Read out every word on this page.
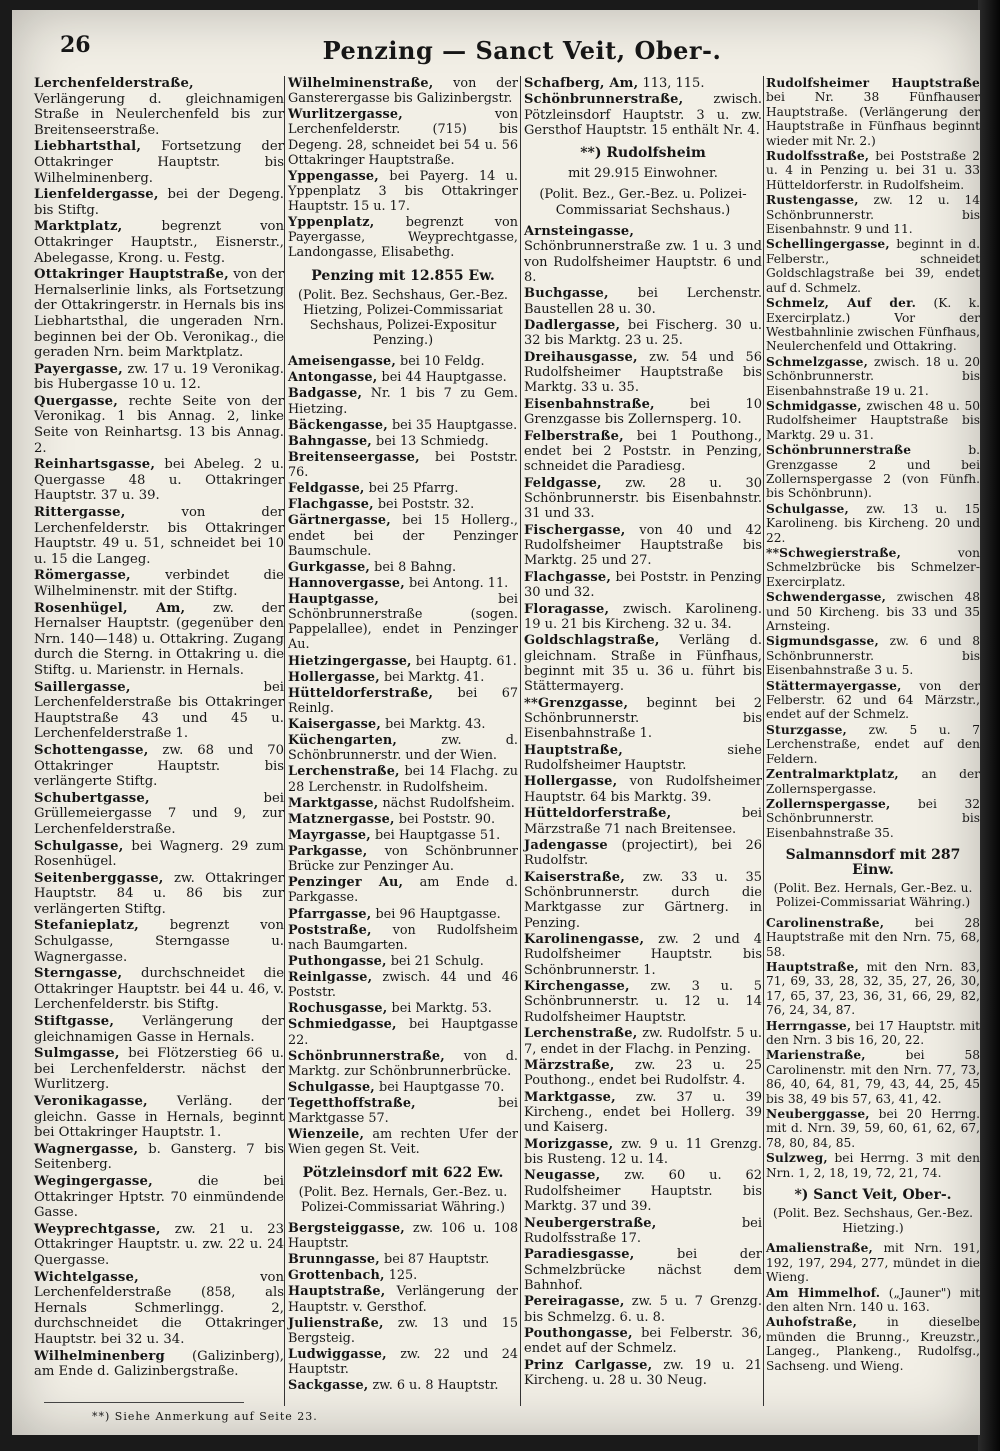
26	Penzing — Sanct Veit, Ober-.
Lerchenfelderstraße, Verlängerung d. gleichnamigen Straße in Neulerchenfeld bis zur Breitenseerstraße.
Liebhartsthal, Fortsetzung der Ottakringer Hauptstr. bis Wilhelminenberg.
Lienfeldergasse, bei der Degeng. bis Stiftg.
Marktplatz,	begrenzt von Ottakringer Hauptstr., Eisnerstr., Abelegasse, Krong. u. Festg.
Ottakringer Hauptstraße, von der Hernalserlinie links, als Fortsetzung der Ottakringerstr. in Hernals bis ins Liebhartsthal, die ungeraden Nrn. beginnen bei der Ob. Veronikag., die geraden Nrn. beim Marktplatz.
Payergasse, zw. 17 u. 19 Veronikag. bis Hubergasse 10 u. 12.
Quergasse, rechte Seite von der Veronikag. 1 bis Annag. 2, linke Seite von Reinhartsg. 13 bis Annag. 2.
Reinhartsgasse, bei Abeleg. 2 u. Quergasse 48 u. Ottakringer Hauptstr. 37 u. 39.
Rittergasse,	von der Lerchenfelderstr. bis Ottakringer Hauptstr. 49 u. 51, schneidet bei 10 u. 15 die Langeg.
Römergasse,	verbindet die Wilhelminenstr. mit der Stiftg.
Rosenhügel, Am, zw. der Hernalser Hauptstr. (gegenüber den Nrn. 140—148) u. Ottakring. Zugang durch die Sterng. in Ottakring u. die Stiftg. u. Marienstr. in Hernals.
Saillergasse,	bei Lerchenfelderstraße bis Ottakringer Hauptstraße 43 und 45 u. Lerchenfelderstraße 1.
Schottengasse, zw. 68 und 70 Ottakringer Hauptstr. bis verlängerte Stiftg.
Schubertgasse,	bei Grüllemeiergasse 7 und 9, zur Lerchenfelderstraße.
Schulgasse, bei Wagnerg. 29 zum Rosenhügel.
Seitenberggasse, zw. Ottakringer Hauptstr. 84 u. 86 bis zur verlängerten Stiftg.
Stefanieplatz, begrenzt von Schulgasse, Sterngasse u. Wagnergasse.
Sterngasse, durchschneidet die Ottakringer Hauptstr. bei 44 u. 46, v. Lerchenfelderstr. bis Stiftg.
Stiftgasse, Verlängerung der gleichnamigen Gasse in Hernals.
Sulmgasse, bei Flötzerstieg 66 u. bei Lerchenfelderstr. nächst der Wurlitzerg.
Veronikagasse, Verläng. der gleichn. Gasse in Hernals, beginnt bei Ottakringer Hauptstr. 1.
Wagnergasse, b. Gansterg. 7 bis Seitenberg.
Wegingergasse,	die bei Ottakringer Hptstr. 70 einmündende Gasse.
Weyprechtgasse, zw. 21 u. 23 Ottakringer Hauptstr. u. zw. 22 u. 24 Quergasse.
Wichtelgasse,	von Lerchenfelderstraße (858, als Hernals Schmerlingg. 2, durchschneidet die Ottakringer Hauptstr. bei 32 u. 34.
Wilhelminenberg (Galizinberg), am Ende d. Galizinbergstraße.
Wilhelminenstraße, von der Gansterergasse bis Galizinbergstr.
Wurlitzergasse,	von Lerchenfelderstr. (715) bis Degeng. 28, schneidet bei 54 u. 56 Ottakringer Hauptstraße.
Yppengasse, bei Payerg. 14 u. Yppenplatz 3 bis Ottakringer Hauptstr. 15 u. 17.
Yppenplatz, begrenzt von Payergasse, Weyprechtgasse, Landongasse, Elisabethg.
Penzing mit 12.855 Ew.
(Polit. Bez. Sechshaus, Ger.-Bez. Hietzing, Polizei-Commissariat Sechshaus, Polizei-Expositur Penzing.)
Ameisengasse, bei 10 Feldg.
Antongasse, bei 44 Hauptgasse.
Badgasse, Nr. 1 bis 7 zu Gem. Hietzing.
Bäckengasse, bei 35 Hauptgasse.
Bahngasse, bei 13 Schmiedg.
Breitenseergasse, bei Poststr. 76.
Feldgasse, bei 25 Pfarrg.
Flachgasse, bei Poststr. 32.
Gärtnergasse, bei 15 Hollerg., endet bei der Penzinger Baumschule.
Gurkgasse, bei 8 Bahng.
Hannovergasse, bei Antong. 11.
Hauptgasse,	bei Schönbrunnerstraße (sogen. Pappelallee), endet in Penzinger Au.
Hietzingergasse, bei Hauptg. 61.
Hollergasse, bei Marktg. 41.
Hütteldorferstraße, bei 67 Reinlg.
Kaisergasse, bei Marktg. 43.
Küchengarten,	zw. d. Schönbrunnerstr. und der Wien.
Lerchenstraße, bei 14 Flachg. zu 28 Lerchenstr. in Rudolfsheim.
Marktgasse, nächst Rudolfsheim.
Matznergasse, bei Poststr. 90.
Mayrgasse, bei Hauptgasse 51.
Parkgasse, von Schönbrunner Brücke zur Penzinger Au.
Penzinger Au, am Ende d. Parkgasse.
Pfarrgasse, bei 96 Hauptgasse.
Poststraße, von Rudolfsheim nach Baumgarten.
Puthongasse, bei 21 Schulg.
Reinlgasse, zwisch. 44 und 46 Poststr.
Rochusgasse, bei Marktg. 53.
Schmiedgasse, bei Hauptgasse 22.
Schönbrunnerstraße, von d. Marktg. zur Schönbrunnerbrücke.
Schulgasse, bei Hauptgasse 70.
Tegetthoffstraße,	bei Marktgasse 57.
Wienzeile, am rechten Ufer der Wien gegen St. Veit.
Pötzleinsdorf mit 622 Ew.
(Polit. Bez. Hernals, Ger.-Bez. u. Polizei-Commissariat Währing.)
Bergsteiggasse, zw. 106 u. 108 Hauptstr.
Brunngasse, bei 87 Hauptstr.
Grottenbach, 125.
Hauptstraße, Verlängerung der Hauptstr. v. Gersthof.
Julienstraße, zw. 13 und 15 Bergsteig.
Ludwiggasse, zw. 22 und 24 Hauptstr.
Sackgasse, zw. 6 u. 8 Hauptstr.
Schafberg, Am, 113, 115.
Schönbrunnerstraße, zwisch. Pötzleinsdorf Hauptstr. 3 u. zw. Gersthof Hauptstr. 15 enthält Nr. 4.
**) Rudolfsheim
mit 29.915 Einwohner.
(Polit. Bez., Ger.-Bez. u. Polizei-Commissariat Sechshaus.)
Arnsteingasse, Schönbrunnerstraße zw. 1 u. 3 und von Rudolfsheimer Hauptstr. 6 und 8.
Buchgasse, bei Lerchenstr. Baustellen 28 u. 30.
Dadlergasse, bei Fischerg. 30 u. 32 bis Marktg. 23 u. 25.
Dreihausgasse, zw. 54 und 56 Rudolfsheimer Hauptstraße bis Marktg. 33 u. 35.
Eisenbahnstraße,	bei 10 Grenzgasse bis Zollernsperg. 10.
Felberstraße, bei 1 Pouthong., endet bei 2 Poststr. in Penzing, schneidet die Paradiesg.
Feldgasse, zw. 28 u. 30 Schönbrunnerstr. bis Eisenbahnstr. 31 und 33.
Fischergasse, von 40 und 42 Rudolfsheimer Hauptstraße bis Marktg. 25 und 27.
Flachgasse, bei Poststr. in Penzing 30 und 32.
Floragasse, zwisch. Karolineng. 19 u. 21 bis Kircheng. 32 u. 34.
Goldschlagstraße, Verläng d. gleichnam. Straße in Fünfhaus, beginnt mit 35 u. 36 u. führt bis Stättermayerg.
**Grenzgasse, beginnt bei 2 Schönbrunnerstr. bis Eisenbahnstraße 1.
Hauptstraße,	siehe Rudolfsheimer Hauptstr.
Hollergasse, von Rudolfsheimer Hauptstr. 64 bis Marktg. 39.
Hütteldorferstraße,	bei Märzstraße 71 nach Breitensee.
Jadengasse (projectirt), bei 26 Rudolfstr.
Kaiserstraße, zw. 33 u. 35 Schönbrunnerstr. durch die Marktgasse zur Gärtnerg. in Penzing.
Karolinengasse, zw. 2 und 4 Rudolfsheimer Hauptstr. bis Schönbrunnerstr. 1.
Kirchengasse, zw. 3 u. 5 Schönbrunnerstr. u. 12 u. 14 Rudolfsheimer Hauptstr.
Lerchenstraße, zw. Rudolfstr. 5 u. 7, endet in der Flachg. in Penzing.
Märzstraße, zw. 23 u. 25 Pouthong., endet bei Rudolfstr. 4.
Marktgasse, zw. 37 u. 39 Kircheng., endet bei Hollerg. 39 und Kaiserg.
Morizgasse, zw. 9 u. 11 Grenzg. bis Rusteng. 12 u. 14.
Neugasse, zw. 60 u. 62 Rudolfsheimer Hauptstr. bis Marktg. 37 und 39.
Neubergerstraße,	bei Rudolfsstraße 17.
Paradiesgasse,	bei der Schmelzbrücke nächst dem Bahnhof.
Pereiragasse, zw. 5 u. 7 Grenzg. bis Schmelzg. 6. u. 8.
Pouthongasse, bei Felberstr. 36, endet auf der Schmelz.
Prinz Carlgasse, zw. 19 u. 21 Kircheng. u. 28 u. 30 Neug.
Rudolfsheimer Hauptstraße bei Nr. 38 Fünfhauser Hauptstraße. (Verlängerung der Hauptstraße in Fünfhaus beginnt wieder mit Nr. 2.)
Rudolfsstraße, bei Poststraße 2 u. 4 in Penzing u. bei 31 u. 33 Hütteldorferstr. in Rudolfsheim.
Rustengasse, zw. 12 u. 14 Schönbrunnerstr. bis Eisenbahnstr. 9 und 11.
Schellingergasse, beginnt in d. Felberstr., schneidet Goldschlagstraße bei 39, endet auf d. Schmelz.
Schmelz, Auf der. (K. k. Exercirplatz.) Vor der Westbahnlinie zwischen Fünfhaus, Neulerchenfeld und Ottakring.
Schmelzgasse, zwisch. 18 u. 20 Schönbrunnerstr. bis Eisenbahnstraße 19 u. 21.
Schmidgasse, zwischen 48 u. 50 Rudolfsheimer Hauptstraße bis Marktg. 29 u. 31.
Schönbrunnerstraße	b. Grenzgasse 2 und bei Zollernspergasse 2 (von Fünfh. bis Schönbrunn).
Schulgasse, zw. 13 u. 15 Karolineng. bis Kircheng. 20 und 22.
**Schwegierstraße,	von Schmelzbrücke bis Schmelzer-Exercirplatz.
Schwendergasse, zwischen 48 und 50 Kircheng. bis 33 und 35 Arnsteing.
Sigmundsgasse, zw. 6 und 8 Schönbrunnerstr. bis Eisenbahnstraße 3 u. 5.
Stättermayergasse, von der Felberstr. 62 und 64 Märzstr., endet auf der Schmelz.
Sturzgasse, zw. 5 u. 7 Lerchenstraße, endet auf den Feldern.
Zentralmarktplatz, an der Zollernspergasse.
Zollernspergasse, bei 32 Schönbrunnerstr. bis Eisenbahnstraße 35.
Salmannsdorf mit 287 Einw.
(Polit. Bez. Hernals, Ger.-Bez. u. Polizei-Commissariat Währing.)
Carolinenstraße,	bei 28 Hauptstraße mit den Nrn. 75, 68, 58.
Hauptstraße, mit den Nrn. 83, 71, 69, 33, 28, 32, 35, 27, 26, 30, 17, 65, 37, 23, 36, 31, 66, 29, 82, 76, 24, 34, 87.
Herrngasse, bei 17 Hauptstr. mit den Nrn. 3 bis 16, 20, 22.
Marienstraße,	bei 58 Carolinenstr. mit den Nrn. 77, 73, 86, 40, 64, 81, 79, 43, 44, 25, 45 bis 38, 49 bis 57, 63, 41, 42.
Neuberggasse, bei 20 Herrng. mit d. Nrn. 39, 59, 60, 61, 62, 67, 78, 80, 84, 85.
Sulzweg, bei Herrng. 3 mit den Nrn. 1, 2, 18, 19, 72, 21, 74.
*) Sanct Veit, Ober-.
(Polit. Bez. Sechshaus, Ger.-Bez. Hietzing.)
Amalienstraße, mit Nrn. 191, 192, 197, 294, 277, mündet in die Wieng.
Am Himmelhof. („Jauner") mit den alten Nrn. 140 u. 163.
Auhofstraße, in dieselbe münden die Brunng., Kreuzstr., Langeg., Plankeng., Rudolfsg., Sachseng. und Wieng.
**) Siehe Anmerkung auf Seite 23.
